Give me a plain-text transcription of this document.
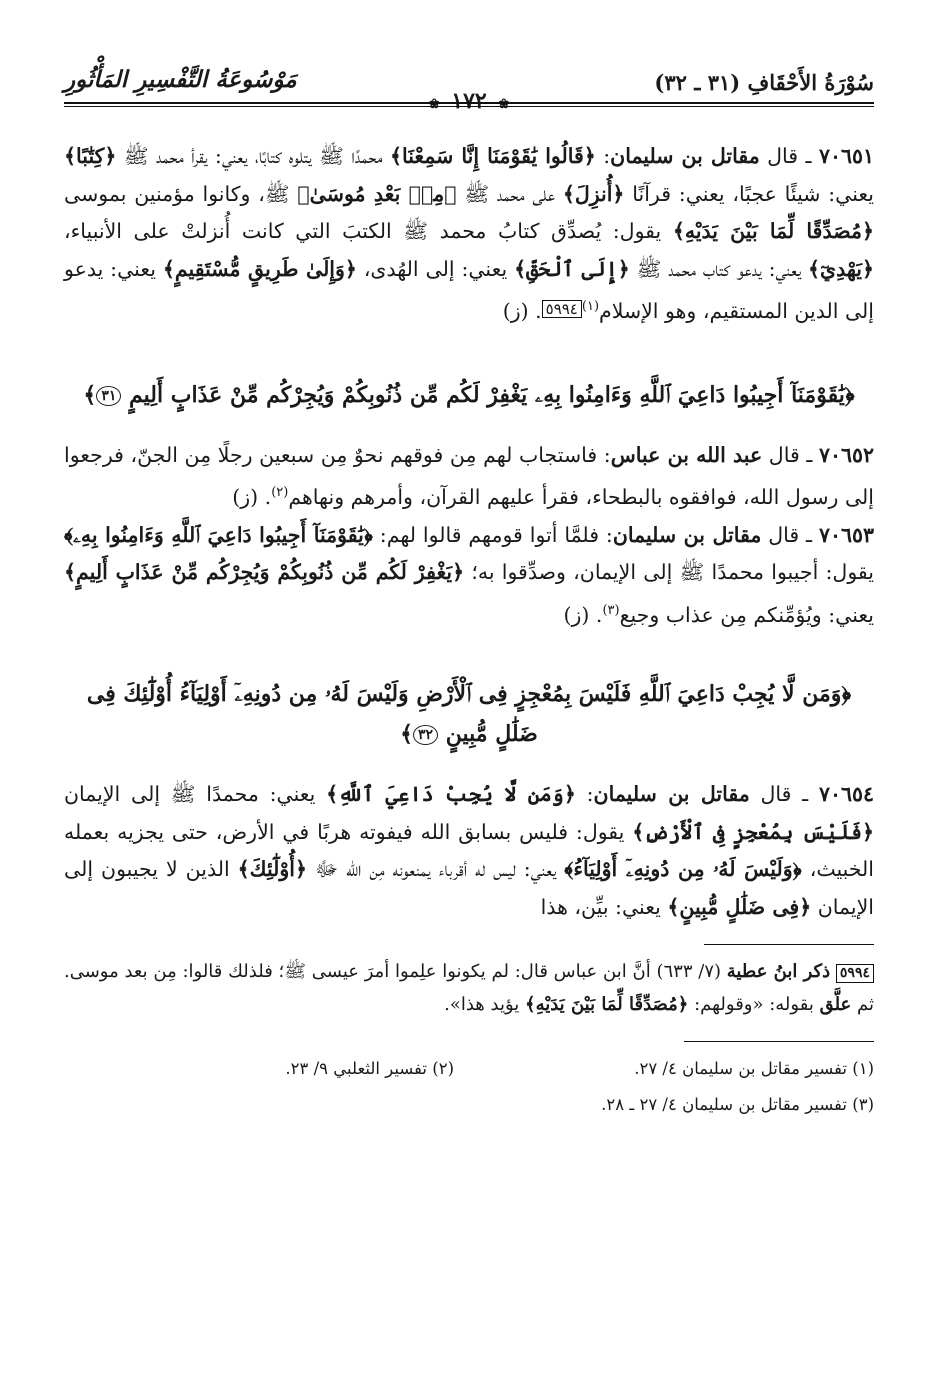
سُوْرَةُ الأَحْقَافِ (٣١ ـ ٣٢)
❀ ١٧٢ ❀
مَوْسُوعَةُ التَّفْسِيرِ المَأْثُورِ

٧٠٦٥١ ـ قال مقاتل بن سليمان: ﴿قَالُوا يَٰقَوْمَنَا إِنَّا سَمِعْنَا﴾ محمدًا ﷺ يتلوه كتابًا، يعني: يقرأ محمد ﷺ ﴿كِتَٰبًا﴾ يعني: شيئًا عجبًا، يعني: قرآنًا ﴿أُنزِلَ﴾ على محمد ﷺ ﴿مِنۢ بَعْدِ مُوسَىٰ﴾ ﷺ، وكانوا مؤمنين بموسى ﴿مُصَدِّقًا لِّمَا بَيْنَ يَدَيْهِ﴾ يقول: يُصدِّق كتابُ محمد ﷺ الكتبَ التي كانت أُنزلتْ على الأنبياء، ﴿يَهْدِيٓ﴾ يعني: يدعو كتاب محمد ﷺ ﴿إِلَى ٱلْحَقِّ﴾ يعني: إلى الهُدى، ﴿وَإِلَىٰ طَرِيقٍ مُّسْتَقِيمٍ﴾ يعني: يدعو إلى الدين المستقيم، وهو الإسلام$^{(١)}$٥٩٩٤. (ز)

﴿يَٰقَوْمَنَآ أَجِيبُوا دَاعِيَ ٱللَّهِ وَءَامِنُوا بِهِۦ يَغْفِرْ لَكُم مِّن ذُنُوبِكُمْ وَيُجِرْكُم مِّنْ عَذَابٍ أَلِيمٍ ٣١﴾

٧٠٦٥٢ ـ قال عبد الله بن عباس: فاستجاب لهم مِن فوقهم نحوٌ مِن سبعين رجلًا مِن الجنّ، فرجعوا إلى رسول الله، فوافقوه بالبطحاء، فقرأ عليهم القرآن، وأمرهم ونهاهم$^{(٢)}$. (ز)

٧٠٦٥٣ ـ قال مقاتل بن سليمان: فلمَّا أتوا قومهم قالوا لهم: ﴿يَٰقَوْمَنَآ أَجِيبُوا دَاعِيَ ٱللَّهِ وَءَامِنُوا بِهِۦ﴾ يقول: أجيبوا محمدًا ﷺ إلى الإيمان، وصدِّقوا به؛ ﴿يَغْفِرْ لَكُم مِّن ذُنُوبِكُمْ وَيُجِرْكُم مِّنْ عَذَابٍ أَلِيمٍ﴾ يعني: ويُؤمِّنكم مِن عذاب وجيع$^{(٣)}$. (ز)

﴿وَمَن لَّا يُجِبْ دَاعِيَ ٱللَّهِ فَلَيْسَ بِمُعْجِزٍ فِى ٱلْأَرْضِ وَلَيْسَ لَهُۥ مِن دُونِهِۦٓ أَوْلِيَآءُ أُوْلَٰٓئِكَ فِى ضَلَٰلٍ مُّبِينٍ ٣٢﴾

٧٠٦٥٤ ـ قال مقاتل بن سليمان: ﴿وَمَن لَّا يُجِبْ دَاعِيَ ٱللَّهِ﴾ يعني: محمدًا ﷺ إلى الإيمان ﴿فَلَيْسَ بِمُعْجِزٍ فِى ٱلْأَرْضِ﴾ يقول: فليس بسابق الله فيفوته هربًا في الأرض، حتى يجزيه بعمله الخبيث، ﴿وَلَيْسَ لَهُۥ مِن دُونِهِۦٓ أَوْلِيَآءُ﴾ يعني: ليس له أقرباء يمنعونه مِن الله ﷻ ﴿أُوْلَٰٓئِكَ﴾ الذين لا يجيبون إلى الإيمان ﴿فِى ضَلَٰلٍ مُّبِينٍ﴾ يعني: بيِّن، هذا

٥٩٩٤ ذكر ابنُ عطية (٧/ ٦٣٣) أنَّ ابن عباس قال: لم يكونوا علِموا أمرَ عيسى ﷺ؛ فلذلك قالوا: مِن بعد موسى. ثم علَّق بقوله: «وقولهم: ﴿مُصَدِّقًا لِّمَا بَيْنَ يَدَيْهِ﴾ يؤيد هذا».

(١) تفسير مقاتل بن سليمان ٤/ ٢٧.
(٢) تفسير الثعلبي ٩/ ٢٣.
(٣) تفسير مقاتل بن سليمان ٤/ ٢٧ ـ ٢٨.
